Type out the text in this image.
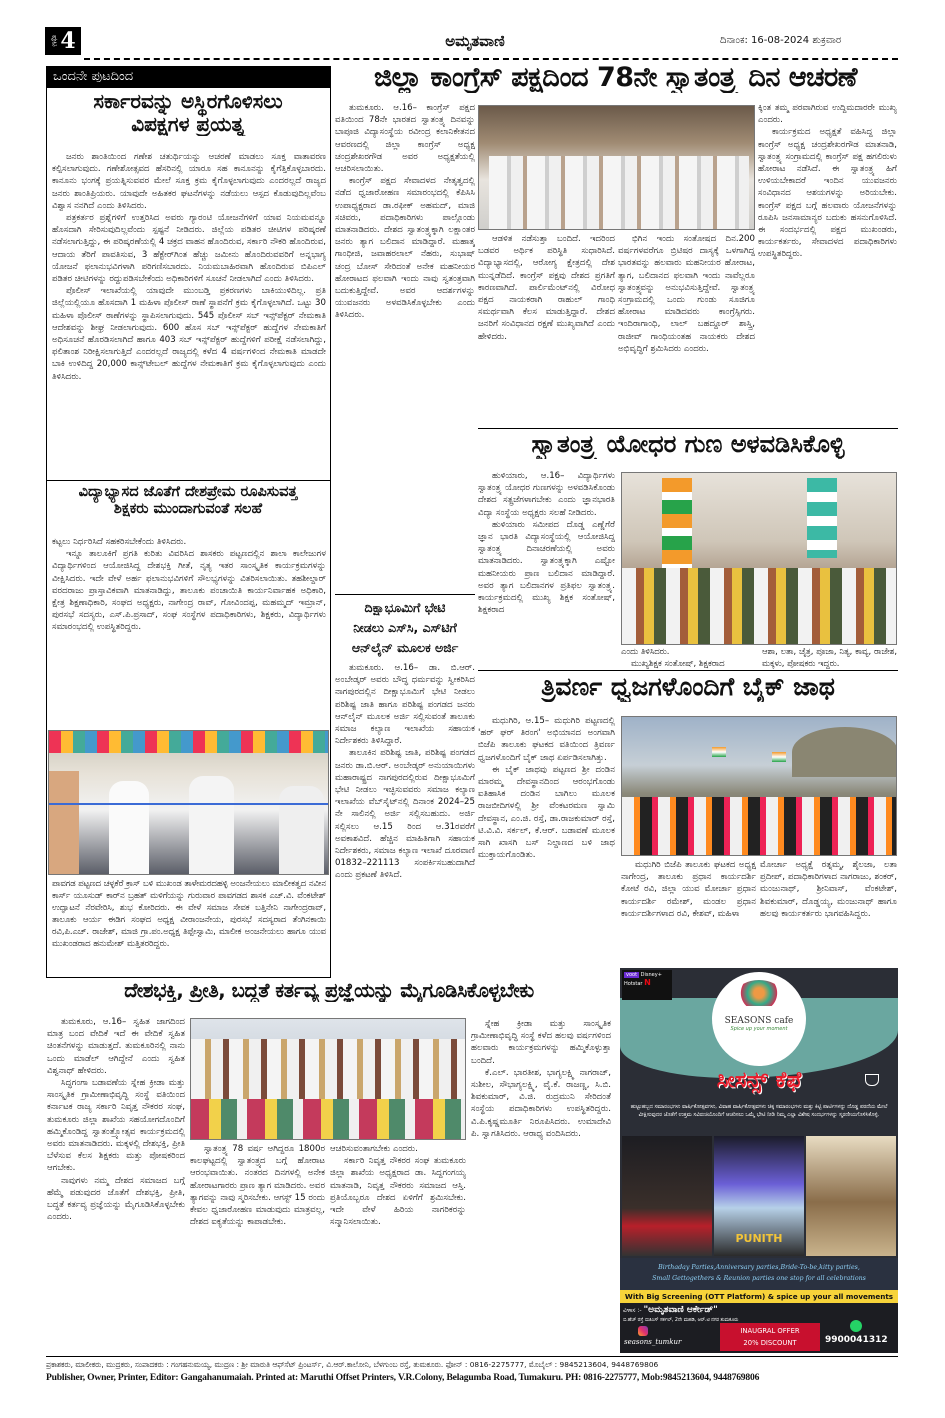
ಪುಟ 4	ಅಮೃತವಾಣಿ	ದಿನಾಂಕ: 16-08-2024 ಶುಕ್ರವಾರ
ಒಂದನೇ ಪುಟದಿಂದ
ಸರ್ಕಾರವನ್ನು ಅಸ್ಥಿರಗೊಳಿಸಲು
ವಿಪಕ್ಷಗಳ ಪ್ರಯತ್ನ

ಜನರು ಶಾಂತಿಯಿಂದ ಗಣೇಶ ಚತುರ್ಥಿಯನ್ನು ಆಚರಣೆ ಮಾಡಲು ಸೂಕ್ತ ವಾತಾವರಣ ಕಲ್ಪಿಸಲಾಗುವುದು. ಗಣೇಶೋತ್ಸವದ ಹೆಸರಿನಲ್ಲಿ ಯಾರೂ ಸಹ ಕಾನೂನನ್ನು ಕೈಗೆತ್ತಿಕೊಳ್ಳಬಾರದು. ಕಾನೂನು ಭಂಗಕ್ಕೆ ಪ್ರಯತ್ನಿಸುವವರ ಮೇಲೆ ಸೂಕ್ತ ಕ್ರಮ ಕೈಗೊಳ್ಳಲಾಗುವುದು ಎಂದರಲ್ಲದೆ ರಾಜ್ಯದ ಜನರು ಶಾಂತಿಪ್ರಿಯರು. ಯಾವುದೇ ಅಹಿತಕರ ಘಟನೆಗಳನ್ನು ನಡೆಯಲು ಆಸ್ಪದ ಕೊಡುವುದಿಲ್ಲವೆಂಬ ವಿಶ್ವಾಸ ನನಗಿದೆ ಎಂದು ತಿಳಿಸಿದರು.

ಪತ್ರಕರ್ತರ ಪ್ರಶ್ನೆಗಳಿಗೆ ಉತ್ತರಿಸಿದ ಅವರು ಗ್ಯಾರಂಟಿ ಯೋಜನೆಗಳಿಗೆ ಯಾವ ನಿಯಮವನ್ನೂ ಹೊಸದಾಗಿ ಸೇರಿಸುವುದಿಲ್ಲವೆಂದು ಸ್ಪಷ್ಟನೆ ನೀಡಿದರು. ಜಿಲ್ಲೆಯ ಪಡಿತರ ಚೀಟಿಗಳ ಪರಿಷ್ಕರಣೆ ನಡೆಸಲಾಗುತ್ತಿದ್ದು, ಈ ಪರಿಷ್ಕರಣೆಯಲ್ಲಿ 4 ಚಕ್ರದ ವಾಹನ ಹೊಂದಿರುವ, ಸರ್ಕಾರಿ ನೌಕರಿ ಹೊಂದಿರುವ, ಆದಾಯ ತೆರಿಗೆ ಪಾವತಿಸುವ, 3 ಹೆಕ್ಟೇರ್‌ಗಿಂತ ಹೆಚ್ಚು ಜಮೀನು ಹೊಂದಿರುವವರಿಗೆ ಅನ್ನಭಾಗ್ಯ ಯೋಜನೆ ಫಲಾನುಭವಿಗಳಾಗಿ ಪರಿಗಣಿಸಬಾರದು. ನಿಯಮಬಾಹಿರವಾಗಿ ಹೊಂದಿರುವ ಬಿಪಿಎಲ್ ಪಡಿತರ ಚೀಟಿಗಳನ್ನು ರದ್ದುಪಡಿಸಬೇಕೆಂದು ಅಧಿಕಾರಿಗಳಿಗೆ ಸೂಚನೆ ನೀಡಲಾಗಿದೆ ಎಂದು ತಿಳಿಸಿದರು.

ಪೊಲೀಸ್ ಇಲಾಖೆಯಲ್ಲಿ ಯಾವುದೇ ಮುಂಬಡ್ತಿ ಪ್ರಕರಣಗಳು ಬಾಕಿಯುಳಿದಿಲ್ಲ. ಪ್ರತಿ ಜಿಲ್ಲೆಯಲ್ಲಿಯೂ ಹೊಸದಾಗಿ 1 ಮಹಿಳಾ ಪೊಲೀಸ್ ಠಾಣೆ ಸ್ಥಾಪನೆಗೆ ಕ್ರಮ ಕೈಗೊಳ್ಳಲಾಗಿದೆ. ಒಟ್ಟು 30 ಮಹಿಳಾ ಪೊಲೀಸ್ ಠಾಣೆಗಳನ್ನು ಸ್ಥಾಪಿಸಲಾಗುವುದು. 545 ಪೊಲೀಸ್ ಸಬ್ ಇನ್ಸ್‌ಪೆಕ್ಟರ್ ನೇಮಕಾತಿ ಆದೇಶವನ್ನು ಶೀಘ್ರ ನೀಡಲಾಗುವುದು. 600 ಹೊಸ ಸಬ್ ಇನ್ಸ್‌ಪೆಕ್ಟರ್ ಹುದ್ದೆಗಳ ನೇಮಕಾತಿಗೆ ಅಧಿಸೂಚನೆ ಹೊರಡಿಸಲಾಗಿದೆ ಹಾಗೂ 403 ಸಬ್ ಇನ್ಸ್‌ಪೆಕ್ಟರ್ ಹುದ್ದೆಗಳಿಗೆ ಪರೀಕ್ಷೆ ನಡೆಸಲಾಗಿದ್ದು, ಫಲಿತಾಂಶ ನಿರೀಕ್ಷಿಸಲಾಗುತ್ತಿದೆ ಎಂದರಲ್ಲದೆ ರಾಜ್ಯದಲ್ಲಿ ಕಳೆದ 4 ವರ್ಷಗಳಿಂದ ನೇಮಕಾತಿ ಮಾಡದೇ ಬಾಕಿ ಉಳಿದಿದ್ದ 20,000 ಕಾನ್ಸ್‌ಟೇಬಲ್ ಹುದ್ದೆಗಳ ನೇಮಕಾತಿಗೆ ಕ್ರಮ ಕೈಗೊಳ್ಳಲಾಗುವುದು ಎಂದು ತಿಳಿಸಿದರು.

ವಿದ್ಯಾಭ್ಯಾಸದ ಜೊತೆಗೆ ದೇಶಪ್ರೇಮ ರೂಪಿಸುವತ್ತ
ಶಿಕ್ಷಕರು ಮುಂದಾಗುವಂತೆ ಸಲಹೆ

ಕಟ್ಟಲು ನಿರ್ಧರಿಸಿದೆ ಸಹಕರಿಸಬೇಕೆಂದು ತಿಳಿಸಿದರು.

ಇನ್ನೂ ತಾಲೂಕಿಗೆ ಪ್ರಗತಿ ಕುರಿತು ವಿವರಿಸಿದ ಶಾಸಕರು ಪಟ್ಟಣದಲ್ಲಿನ ಶಾಲಾ ಕಾಲೇಜುಗಳ ವಿದ್ಯಾರ್ಥಿಗಳಿಂದ ಆಯೋಜಿಸಿದ್ದ ದೇಶಭಕ್ತಿ ಗೀತೆ, ನೃತ್ಯ ಇತರ ಸಾಂಸ್ಕೃತಿಕ ಕಾರ್ಯಕ್ರಮಗಳನ್ನು ವೀಕ್ಷಿಸಿದರು. ಇದೇ ವೇಳೆ ಅರ್ಹ ಫಲಾನುಭವಿಗಳಿಗೆ ಸೌಲಭ್ಯಗಳನ್ನು ವಿತರಿಸಲಾಯಿತು. ತಹಶೀಲ್ದಾರ್ ವರದರಾಜು ಪ್ರಾಸ್ತಾವಿಕವಾಗಿ ಮಾತನಾಡಿದ್ದು, ತಾಲೂಕು ಪಂಚಾಯಿತಿ ಕಾರ್ಯನಿರ್ವಾಹಕ ಅಧಿಕಾರಿ, ಕ್ಷೇತ್ರ ಶಿಕ್ಷಣಾಧಿಕಾರಿ, ಸಂಘದ ಅಧ್ಯಕ್ಷರು, ನಾಗೇಂದ್ರ ರಾವ್, ಗೋವಿಂದಪ್ಪ, ಮಹಮ್ಮದ್ ಇಮ್ರಾನ್, ಪುರಸಭೆ ಸದಸ್ಯರು, ಎಸ್.ಪಿ.ಪ್ರಸಾದ್, ಸಂಘ ಸಂಸ್ಥೆಗಳ ಪದಾಧಿಕಾರಿಗಳು, ಶಿಕ್ಷಕರು, ವಿದ್ಯಾರ್ಥಿಗಳು ಸಮಾರಂಭದಲ್ಲಿ ಉಪಸ್ಥಿತರಿದ್ದರು.

ಪಾವಗಡ ಪಟ್ಟಣದ ಚಳ್ಳಕೆರೆ ಕ್ರಾಸ್ ಬಳಿ ಮುಖಂಡ ತಾಳೇಮರದಹಳ್ಳಿ ಅಂಜನೇಯಲು ಮಾಲೀಕತ್ವದ ನವೀನ ಕಾರ್ಸ್ ಯೂಸುಡ್ ಕಾರ್‌ನ ಬ್ರಹತ್ ಮಳಿಗೆಯನ್ನು ಗುರುವಾರ ಪಾವಗಡದ ಶಾಸಕ ಎಚ್.ವಿ. ವೆಂಕಟೇಶ್ ಉದ್ಘಾಟನೆ ನೆರವೇರಿಸಿ, ಶುಭ ಕೋರಿದರು. ಈ ವೇಳೆ ಸಮಾಜ ಸೇವಕ ಬತ್ತಿನೇನಿ ನಾಗೇಂದ್ರರಾವ್, ತಾಲೂಕು ಆರ್ಯ ಈಡಿಗ ಸಂಘದ ಅಧ್ಯಕ್ಷ ವೀರಾಂಜನೇಯ, ಪುರಸಭೆ ಸದಸ್ಯರಾದ ತೆಂಗಿನಕಾಯಿ ರವಿ,ಪಿ.ಎಚ್. ರಾಜೇಶ್, ಮಾಜಿ ಗ್ರಾ.ಪಂ.ಅಧ್ಯಕ್ಷ ತಿಪ್ಪೇಸ್ವಾಮಿ, ಮಾಲೀಕ ಅಂಜನೇಯಲು ಹಾಗೂ ಯುವ ಮುಖಂಡರಾದ ಹನುಮೇಶ್ ಮತ್ತಿತರರಿದ್ದರು.
ಜಿಲ್ಲಾ ಕಾಂಗ್ರೆಸ್ ಪಕ್ಷದಿಂದ 78ನೇ ಸ್ವಾತಂತ್ರ್ಯ ದಿನ ಆಚರಣೆ

ತುಮಕೂರು. ಆ.16– ಕಾಂಗ್ರೆಸ್ ಪಕ್ಷದ ವತಿಯಿಂದ 78ನೇ ಭಾರತದ ಸ್ವಾತಂತ್ರ್ಯ ದಿನವನ್ನು ಬಾಪೂಜಿ ವಿದ್ಯಾಸಂಸ್ಥೆಯ ರವೀಂದ್ರ ಕಲಾನಿಕೇತನದ ಆವರಣದಲ್ಲಿ ಜಿಲ್ಲಾ ಕಾಂಗ್ರೆಸ್ ಅಧ್ಯಕ್ಷ ಚಂದ್ರಶೇಖರಗೌಡ ಅವರ ಅಧ್ಯಕ್ಷತೆಯಲ್ಲಿ ಆಚರಿಸಲಾಯಿತು.

ಕಾಂಗ್ರೆಸ್ ಪಕ್ಷದ ಸೇವಾದಳದ ನೇತೃತ್ವದಲ್ಲಿ ನಡೆದ ಧ್ವಜಾರೋಹಣ ಸಮಾರಂಭದಲ್ಲಿ ಕೆಪಿಸಿಸಿ ಉಪಾಧ್ಯಕ್ಷರಾದ ಡಾ.ರಫೀಕ್ ಅಹಮದ್, ಮಾಜಿ ಸಚಿವರು, ಪದಾಧಿಕಾರಿಗಳು ಪಾಲ್ಗೊಂಡು ಮಾತನಾಡಿದರು. ದೇಶದ ಸ್ವಾತಂತ್ರ್ಯಕ್ಕಾಗಿ ಲಕ್ಷಾಂತರ ಜನರು ತ್ಯಾಗ ಬಲಿದಾನ ಮಾಡಿದ್ದಾರೆ. ಮಹಾತ್ಮ ಗಾಂಧೀಜಿ, ಜವಾಹರಲಾಲ್ ನೆಹರು, ಸುಭಾಷ್ ಚಂದ್ರ ಬೋಸ್ ಸೇರಿದಂತೆ ಅನೇಕ ಮಹನೀಯರ ಹೋರಾಟದ ಫಲವಾಗಿ ಇಂದು ನಾವು ಸ್ವತಂತ್ರವಾಗಿ ಬದುಕುತ್ತಿದ್ದೇವೆ. ಅವರ ಆದರ್ಶಗಳನ್ನು ಯುವಜನರು ಅಳವಡಿಸಿಕೊಳ್ಳಬೇಕು ಎಂದು ತಿಳಿಸಿದರು.

ಆಡಳಿತ ನಡೆಸುತ್ತಾ ಬಂದಿದೆ. ಇದರಿಂದ ಬಡವರ ಅರ್ಥಿಕ ಪರಿಸ್ಥಿತಿ ಸುಧಾರಿಸಿದೆ. ವಿದ್ಯಾಭ್ಯಾಸದಲ್ಲಿ, ಆರೋಗ್ಯ ಕ್ಷೇತ್ರದಲ್ಲಿ ದೇಶ ಮುನ್ನಡೆದಿದೆ. ಕಾಂಗ್ರೆಸ್ ಪಕ್ಷವು ದೇಶದ ಪ್ರಗತಿಗೆ ಕಾರಣವಾಗಿದೆ. ಪಾರ್ಲಿಮೆಂಟ್‌ನಲ್ಲಿ ವಿರೋಧ ಪಕ್ಷದ ನಾಯಕರಾಗಿ ರಾಹುಲ್ ಗಾಂಧಿ ಸಮರ್ಥವಾಗಿ ಕೆಲಸ ಮಾಡುತ್ತಿದ್ದಾರೆ. ದೇಶದ ಜನರಿಗೆ ಸಂವಿಧಾನದ ರಕ್ಷಣೆ ಮುಖ್ಯವಾಗಿದೆ ಎಂದು ಹೇಳಿದರು.

ಭಿಗಿನ ಇಂದು ಸಂತೋಷದ ದಿನ.200 ವರ್ಷಗಳವರೆಗೂ ಬ್ರಿಟಿಷರ ದಾಸ್ಯಕ್ಕೆ ಒಳಗಾಗಿದ್ದ ಭಾರತವನ್ನು ಹಲವಾರು ಮಹನೀಯರ ಹೋರಾಟ, ತ್ಯಾಗ, ಬಲಿದಾನದ ಫಲವಾಗಿ ಇಂದು ನಾವೆಲ್ಲರೂ ಸ್ವಾತಂತ್ರ್ಯವನ್ನು ಅನುಭವಿಸುತ್ತಿದ್ದೇವೆ. ಸ್ವಾತಂತ್ರ್ಯ ಸಂಗ್ರಾಮದಲ್ಲಿ ಒಂದು ಗುಂಡು ಸೂಜಿಗೂ ಹೋರಾಟ ಮಾಡಿದವರು ಕಾಂಗ್ರೆಸ್ಸಿಗರು. ಇಂದಿರಾಗಾಂಧಿ, ಲಾಲ್ ಬಹದ್ದೂರ್ ಶಾಸ್ತ್ರಿ, ರಾಜೀವ್ ಗಾಂಧಿಯಂತಹ ನಾಯಕರು ದೇಶದ ಅಭಿವೃದ್ಧಿಗೆ ಶ್ರಮಿಸಿದರು ಎಂದರು.

ಕ್ಕಿಂತ ತಮ್ಮ ಪರವಾಗಿರುವ ಉದ್ದಿಮದಾರರೇ ಮುಖ್ಯ ಎಂದರು.

ಕಾರ್ಯಕ್ರಮದ ಅಧ್ಯಕ್ಷತೆ ವಹಿಸಿದ್ದ ಜಿಲ್ಲಾ ಕಾಂಗ್ರೆಸ್ ಅಧ್ಯಕ್ಷ ಚಂದ್ರಶೇಖರಗೌಡ ಮಾತನಾಡಿ, ಸ್ವಾತಂತ್ರ್ಯ ಸಂಗ್ರಾಮದಲ್ಲಿ ಕಾಂಗ್ರೆಸ್ ಪಕ್ಷ ಹಗಲಿರುಳು ಹೋರಾಟ ನಡೆಸಿದೆ. ಈ ಸ್ವಾತಂತ್ರ್ಯ ಹಿಗೆ ಉಳಿಯಬೇಕಾದರೆ ಇಂದಿನ ಯುವಜನರು ಸಂವಿಧಾನದ ಆಶಯಗಳನ್ನು ಅರಿಯಬೇಕು. ಕಾಂಗ್ರೆಸ್ ಪಕ್ಷದ ಬಗ್ಗೆ ಹಲವಾರು ಯೋಜನೆಗಳನ್ನು ರೂಪಿಸಿ ಜನಸಾಮಾನ್ಯರ ಬದುಕು ಹಸನುಗೊಳಿಸಿದೆ. ಈ ಸಂದರ್ಭದಲ್ಲಿ ಪಕ್ಷದ ಮುಖಂಡರು, ಕಾರ್ಯಕರ್ತರು, ಸೇವಾದಳದ ಪದಾಧಿಕಾರಿಗಳು ಉಪಸ್ಥಿತರಿದ್ದರು.

ಸ್ವಾತಂತ್ರ್ಯ ಯೋಧರ ಗುಣ ಅಳವಡಿಸಿಕೊಳ್ಳಿ

ಹುಳಿಯಾರು, ಆ.16– ವಿದ್ಯಾರ್ಥಿಗಳು ಸ್ವಾತಂತ್ರ್ಯ ಯೋಧರ ಗುಣಗಳನ್ನು ಅಳವಡಿಸಿಕೊಂಡು ದೇಶದ ಸತ್ಪ್ರಜೆಗಳಾಗಬೇಕು ಎಂದು ಜ್ಞಾನಭಾರತಿ ವಿದ್ಯಾ ಸಂಸ್ಥೆಯ ಅಧ್ಯಕ್ಷರು ಸಲಹೆ ನೀಡಿದರು.

ಹುಳಿಯಾರು ಸಮೀಪದ ದೊಡ್ಡ ಎಣ್ಣೆಗೆರೆ ಜ್ಞಾನ ಭಾರತಿ ವಿದ್ಯಾಸಂಸ್ಥೆಯಲ್ಲಿ ಆಯೋಜಿಸಿದ್ದ ಸ್ವಾತಂತ್ರ್ಯ ದಿನಾಚರಣೆಯಲ್ಲಿ ಅವರು ಮಾತನಾಡಿದರು. ಸ್ವಾತಂತ್ರ್ಯಕ್ಕಾಗಿ ಎಷ್ಟೋ ಮಹನೀಯರು ಪ್ರಾಣ ಬಲಿದಾನ ಮಾಡಿದ್ದಾರೆ. ಅವರ ತ್ಯಾಗ ಬಲಿದಾನಗಳ ಪ್ರತಿಫಲ ಸ್ವಾತಂತ್ರ್ಯ. ಕಾರ್ಯಕ್ರಮದಲ್ಲಿ ಮುಖ್ಯ ಶಿಕ್ಷಕ ಸಂತೋಷ್, ಶಿಕ್ಷಕರಾದ

ಎಂದು ತಿಳಿಸಿದರು.
ಮುಖ್ಯಶಿಕ್ಷಕ ಸಂತೋಷ್, ಶಿಕ್ಷಕರಾದ
ಆಶಾ, ಲತಾ, ಚೈತ್ರ, ಪೂಜಾ, ನಿತ್ಯ, ಕಾವ್ಯ, ರಾಜೇಶ, ಮಕ್ಕಳು, ಪೋಷಕರು ಇದ್ದರು.
ದಿಕ್ಷಾಭೂಮಿಗೆ ಭೇಟಿ
ನೀಡಲು ಎಸ್‌ಸಿ, ಎಸ್‌ಟಿಗೆ
ಆನ್‌ಲೈನ್ ಮೂಲಕ ಅರ್ಜಿ

ತುಮಕೂರು. ಆ.16– ಡಾ. ಬಿ.ಆರ್. ಅಂಬೇಡ್ಕರ್ ಅವರು ಬೌದ್ಧ ಧರ್ಮವನ್ನು ಸ್ವೀಕರಿಸಿದ ನಾಗಪುರದಲ್ಲಿನ ದೀಕ್ಷಾಭೂಮಿಗೆ ಭೇಟಿ ನೀಡಲು ಪರಿಶಿಷ್ಟ ಜಾತಿ ಹಾಗೂ ಪರಿಶಿಷ್ಟ ಪಂಗಡದ ಜನರು ಆನ್‌ಲೈನ್ ಮೂಲಕ ಅರ್ಜಿ ಸಲ್ಲಿಸುವಂತೆ ತಾಲೂಕು ಸಮಾಜ ಕಲ್ಯಾಣ ಇಲಾಖೆಯ ಸಹಾಯಕ ನಿರ್ದೇಶಕರು ತಿಳಿಸಿದ್ದಾರೆ.

ತಾಲೂಕಿನ ಪರಿಶಿಷ್ಟ ಜಾತಿ, ಪರಿಶಿಷ್ಟ ಪಂಗಡದ ಜನರು ಡಾ.ಬಿ.ಆರ್. ಅಂಬೇಡ್ಕರ್ ಅನುಯಾಯಿಗಳು ಮಹಾರಾಷ್ಟ್ರದ ನಾಗಪುರದಲ್ಲಿರುವ ದೀಕ್ಷಾಭೂಮಿಗೆ ಭೇಟಿ ನೀಡಲು ಇಚ್ಛಿಸುವವರು ಸಮಾಜ ಕಲ್ಯಾಣ ಇಲಾಖೆಯ ವೆಬ್‌ಸೈಟ್‌ನಲ್ಲಿ ದಿನಾಂಕ 2024–25 ನೇ ಸಾಲಿನಲ್ಲಿ ಅರ್ಜಿ ಸಲ್ಲಿಸಬಹುದು. ಅರ್ಜಿ ಸಲ್ಲಿಸಲು ಆ.15 ರಿಂದ ಆ.31ರವರೆಗೆ ಅವಕಾಶವಿದೆ. ಹೆಚ್ಚಿನ ಮಾಹಿತಿಗಾಗಿ ಸಹಾಯಕ ನಿರ್ದೇಶಕರು, ಸಮಾಜ ಕಲ್ಯಾಣ ಇಲಾಖೆ ದೂರವಾಣಿ 01832–221113 ಸಂಪರ್ಕಿಸಬಹುದಾಗಿದೆ ಎಂದು ಪ್ರಕಟಣೆ ತಿಳಿಸಿದೆ.

ತ್ರಿವರ್ಣ ಧ್ವಜಗಳೊಂದಿಗೆ ಬೈಕ್ ಜಾಥ

ಮಧುಗಿರಿ, ಆ.15– ಮಧುಗಿರಿ ಪಟ್ಟಣದಲ್ಲಿ 'ಹರ್ ಘರ್ ತಿರಂಗ' ಅಭಿಯಾನದ ಅಂಗವಾಗಿ ಬಿಜೆಪಿ ತಾಲೂಕು ಘಟಕದ ವತಿಯಿಂದ ತ್ರಿವರ್ಣ ಧ್ವಜಗಳೊಂದಿಗೆ ಬೈಕ್ ಜಾಥ ಏರ್ಪಡಿಸಲಾಗಿತ್ತು.

ಈ ಬೈಕ್ ಜಾಥವು ಪಟ್ಟಣದ ಶ್ರೀ ದಂಡಿನ ಮಾರಮ್ಮ ದೇವಸ್ಥಾನದಿಂದ ಆರಂಭಗೊಂಡು ಐತಿಹಾಸಿಕ ದಂಡಿನ ಬಾಗಿಲು ಮೂಲಕ ರಾಜಬೀದಿಗಳಲ್ಲಿ ಶ್ರೀ ವೆಂಕಟರಮಣ ಸ್ವಾಮಿ ದೇವಸ್ಥಾನ, ಎಂ.ಜಿ. ರಸ್ತೆ, ಡಾ.ರಾಜಕುಮಾರ್ ರಸ್ತೆ, ಟಿ.ವಿ.ವಿ. ಸರ್ಕಲ್, ಕೆ.ಆರ್. ಬಡಾವಣೆ ಮೂಲಕ ಸಾಗಿ ಖಾಸಗಿ ಬಸ್ ನಿಲ್ದಾಣದ ಬಳಿ ಜಾಥ ಮುಕ್ತಾಯಗೊಂಡಿತು.

ಮಧುಗಿರಿ ಬಿಜೆಪಿ ತಾಲೂಕು ಘಟಕದ ಅಧ್ಯಕ್ಷ ನಾಗೇಂದ್ರ, ತಾಲೂಕು ಪ್ರಧಾನ ಕಾರ್ಯದರ್ಶಿ ಕೋಟೆ ರವಿ, ಜಿಲ್ಲಾ ಯುವ ಮೋರ್ಚಾ ಪ್ರಧಾನ ಕಾರ್ಯದರ್ಶಿ ರಮೇಶ್, ಮಂಡಲ ಪ್ರಧಾನ ಕಾರ್ಯದರ್ಶಿಗಳಾದ ರವಿ, ಕೇಶವ್, ಮಹಿಳಾ

ಮೋರ್ಚಾ ಅಧ್ಯಕ್ಷೆ ರತ್ನಮ್ಮ, ಶೈಲಜಾ, ಲತಾ ಪ್ರದೀಪ್, ಪದಾಧಿಕಾರಿಗಳಾದ ನಾಗರಾಜು, ಶಂಕರ್, ಮಂಜುನಾಥ್, ಶ್ರೀನಿವಾಸ್, ವೆಂಕಟೇಶ್, ಶಿವಕುಮಾರ್, ದೊಡ್ಡಯ್ಯ, ಮಂಜುನಾಥ್ ಹಾಗೂ ಹಲವು ಕಾರ್ಯಕರ್ತರು ಭಾಗವಹಿಸಿದ್ದರು.

ದೇಶಭಕ್ತಿ, ಪ್ರೀತಿ, ಬದ್ಧತೆ ಕರ್ತವ್ಯ ಪ್ರಜ್ಞೆಯನ್ನು ಮೈಗೂಡಿಸಿಕೊಳ್ಳಬೇಕು

ತುಮಕೂರು, ಆ.16– ಸ್ವಹಿತ ಜಾಗದಿಂದ ಮಾತ್ರ ಬಂದ ವೇದಿಕೆ ಇದೆ ಈ ವೇದಿಕೆ ಸ್ವಹಿತ ಚಿಂತನೆಗಳನ್ನು ಮಾಡುತ್ತದೆ. ತುಮಕೂರಿನಲ್ಲಿ ನಾನು ಒಂದು ಮಾಡೆಲ್ ಆಗಿದ್ದೇನೆ ಎಂದು ಸ್ವಹಿತ ವಿಶ್ವನಾಥ್ ಹೇಳಿದರು.

ಸಿದ್ಧಗಂಗಾ ಬಡಾವಣೆಯ ಸ್ನೇಹ ಕ್ರೀಡಾ ಮತ್ತು ಸಾಂಸ್ಕೃತಿಕ ಗ್ರಾಮೀಣಾಭಿವೃದ್ಧಿ ಸಂಸ್ಥೆ ವತಿಯಿಂದ ಕರ್ನಾಟಕ ರಾಜ್ಯ ಸರ್ಕಾರಿ ನಿವೃತ್ತ ನೌಕರರ ಸಂಘ, ತುಮಕೂರು ಜಿಲ್ಲಾ ಶಾಖೆಯ ಸಹಯೋಗದೊಂದಿಗೆ ಹಮ್ಮಿಕೊಂಡಿದ್ದ ಸ್ವಾತಂತ್ರ್ಯೋತ್ಸವ ಕಾರ್ಯಕ್ರಮದಲ್ಲಿ ಅವರು ಮಾತನಾಡಿದರು. ಮಕ್ಕಳಲ್ಲಿ ದೇಶಭಕ್ತಿ, ಪ್ರೀತಿ ಬೆಳೆಸುವ ಕೆಲಸ ಶಿಕ್ಷಕರು ಮತ್ತು ಪೋಷಕರಿಂದ ಆಗಬೇಕು.

ನಾವುಗಳು ನಮ್ಮ ದೇಶದ ಸಮಾಜದ ಬಗ್ಗೆ ಹೆಮ್ಮೆ ಪಡುವುದರ ಜೊತೆಗೆ ದೇಶಭಕ್ತಿ, ಪ್ರೀತಿ, ಬದ್ಧತೆ ಕರ್ತವ್ಯ ಪ್ರಜ್ಞೆಯನ್ನು ಮೈಗೂಡಿಸಿಕೊಳ್ಳಬೇಕು ಎಂದರು.

ಸ್ವಾತಂತ್ರ್ಯ 78 ವರ್ಷ ಆಗಿದ್ದರೂ 1800ರ ಕಾಲಘಟ್ಟದಲ್ಲಿ ಸ್ವಾತಂತ್ರ್ಯದ ಬಗ್ಗೆ ಹೋರಾಟ ಆರಂಭವಾಯಿತು. ನಂತರದ ದಿನಗಳಲ್ಲಿ ಅನೇಕ ಹೋರಾಟಗಾರರು ಪ್ರಾಣ ತ್ಯಾಗ ಮಾಡಿದರು. ಅವರ ತ್ಯಾಗವನ್ನು ನಾವು ಸ್ಮರಿಸಬೇಕು. ಆಗಸ್ಟ್ 15 ರಂದು ಕೇವಲ ಧ್ವಜಾರೋಹಣ ಮಾಡುವುದು ಮಾತ್ರವಲ್ಲ, ದೇಶದ ಐಕ್ಯತೆಯನ್ನು ಕಾಪಾಡಬೇಕು.

ಆಚರಿಸುವಂತಾಗಬೇಕು ಎಂದರು.

ಸರ್ಕಾರಿ ನಿವೃತ್ತ ನೌಕರರ ಸಂಘ ತುಮಕೂರು ಜಿಲ್ಲಾ ಶಾಖೆಯ ಅಧ್ಯಕ್ಷರಾದ ಡಾ. ಸಿದ್ದಗಂಗಯ್ಯ ಮಾತನಾಡಿ, ನಿವೃತ್ತ ನೌಕರರು ಸಮಾಜದ ಆಸ್ತಿ. ಪ್ರತಿಯೊಬ್ಬರೂ ದೇಶದ ಏಳಿಗೆಗೆ ಶ್ರಮಿಸಬೇಕು. ಇದೇ ವೇಳೆ ಹಿರಿಯ ನಾಗರಿಕರನ್ನು ಸನ್ಮಾನಿಸಲಾಯಿತು.

ಸ್ನೇಹ ಕ್ರೀಡಾ ಮತ್ತು ಸಾಂಸ್ಕೃತಿಕ ಗ್ರಾಮೀಣಾಭಿವೃದ್ಧಿ ಸಂಸ್ಥೆ ಕಳೆದ ಹಲವು ವರ್ಷಗಳಿಂದ ಹಲವಾರು ಕಾರ್ಯಕ್ರಮಗಳನ್ನು ಹಮ್ಮಿಕೊಳ್ಳುತ್ತಾ ಬಂದಿದೆ.

ಕೆ.ಎಲ್. ಭಾರತೀಶ, ಭಾಗ್ಯಲಕ್ಷ್ಮಿ ನಾಗರಾಜ್, ಸುಶೀಲ, ಸೌಭಾಗ್ಯಲಕ್ಷ್ಮಿ, ವೈ.ಕೆ. ರಾಜಣ್ಣ, ಸಿ.ಬಿ. ಶಿವಕುಮಾರ್, ವಿ.ಜಿ. ರುದ್ರಮುನಿ ಸೇರಿದಂತೆ ಸಂಸ್ಥೆಯ ಪದಾಧಿಕಾರಿಗಳು ಉಪಸ್ಥಿತರಿದ್ದರು. ವಿ.ಪಿ.ಕೃಷ್ಣಮೂರ್ತಿ ನಿರೂಪಿಸಿದರು. ಉಮಾದೇವಿ ಪಿ. ಸ್ವಾಗತಿಸಿದರು. ಆರಾಧ್ಯ ವಂದಿಸಿದರು.

voot Disney+ Hotstar N
SEASONS cafe
Spice up your moment
ಸೀಸನ್ಸ್ ಕೆಫೆ
ಹುಟ್ಟುಹಬ್ಬದ ಸಮಾರಂಭಗಳು ವಾರ್ಷಿಕೋತ್ಸವಗಳು, ವಿವಾಹ ವಾರ್ಷಿಕೋತ್ಸವಗಳು ಚಿಕ್ಕ ಸಮಾರಂಭಗಳು ಮತ್ತು ಕಿಟ್ಟಿ ಪಾರ್ಟಿಗಳನ್ನು ದೊಡ್ಡ ಪರದೆಯ ಮೇಲೆ ವೀಕ್ಷಿಸುವುದರ ಜೊತೆಗೆ ಉತ್ತಮ ಸವಿರುಚಿಯೊಂದಿಗೆ ಆಚರಿಸಲು ಒಮ್ಮೆ ಭೇಟಿ ನೀಡಿ ನಿಮ್ಮ ಎಲ್ಲಾ ವಿಶೇಷ ಸಂದರ್ಭಗಳನ್ನು ಸ್ಮರಣೀಯಗೊಳಿಸಿಕೊಳ್ಳಿ.
PUNITH
Birthaday Parties,Anniversary parties,Bride-To-be,kitty parties,
Small Gettogethers & Reunion parties one stop for all celebrations
With Big Screening (OTT Platform) & spice up your all movements
ವಿಳಾಸ :- "ಅಮೃತವಾಣಿ ಆರ್ಕೇಡ್"
ಬಿ.ಹೆಚ್ ರಸ್ತೆ ಬಿಜಿಎಸ್ ಸರ್ಕಲ್, 2ನೇ ಮಹಡಿ, ಆರ್.ಟಿ ನಗರ ತುಮಕೂರು
seasons_tumkur
INAUGRAL OFFER
20% DISCOUNT	9900041312
ಪ್ರಕಾಶಕರು, ಮಾಲೀಕರು, ಮುದ್ರಕರು, ಸಂಪಾದಕರು : ಗಂಗಹನುಮಯ್ಯ, ಮುದ್ರಣ : ಶ್ರೀ ಮಾರುತಿ ಆಫ್‌ಸೆಟ್ ಪ್ರಿಂಟರ್ಸ್, ವಿ.ಆರ್.ಕಾಲೋನಿ, ಬೆಳಗುಂಬ ರಸ್ತೆ, ತುಮಕೂರು. ಫೋನ್ : 0816-2275777, ಮೊಬೈಲ್ : 9845213604, 9448769806
Publisher, Owner, Printer, Editor: Gangahanumaiah. Printed at: Maruthi Offset Printers, V.R.Colony, Belagumba Road, Tumakuru. PH: 0816-2275777, Mob:9845213604, 9448769806
